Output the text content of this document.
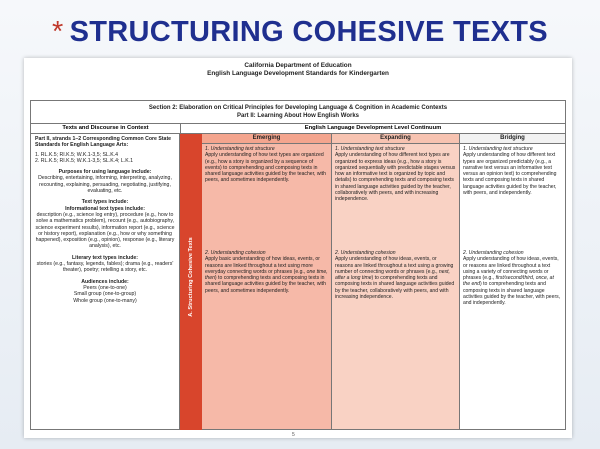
* STRUCTURING COHESIVE TEXTS
California Department of Education
English Language Development Standards for Kindergarten
Section 2: Elaboration on Critical Principles for Developing Language & Cognition in Academic Contexts
Part II: Learning About How English Works
Texts and Discourse in Context	English Language Development Level Continuum

Part II, strands 1–2 Corresponding Common Core State Standards for English Language Arts:

1. RL.K.5; RI.K.5; W.K.1-3,5; SL.K.4

2. RL.K.5; RI.K.5; W.K.1-3,5; SL.K.4; L.K.1

Purposes for using language include:

Describing, entertaining, informing, interpreting, analyzing, recounting, explaining, persuading, negotiating, justifying, evaluating, etc.

Text types include:

Informational text types include:

description (e.g., science log entry), procedure (e.g., how to solve a mathematics problem), recount (e.g., autobiography, science experiment results), information report (e.g., science or history report), explanation (e.g., how or why something happened), exposition (e.g., opinion), response (e.g., literary analysis), etc.

Literary text types include:

stories (e.g., fantasy, legends, fables); drama (e.g., readers' theater), poetry; retelling a story, etc.

Audiences include:

Peers (one-to-one)

Small group (one-to-group)

Whole group (one-to-many)	A. Structuring Cohesive Texts
Emerging

1. Understanding text structure

Apply understanding of how text types are organized (e.g., how a story is organized by a sequence of events) to comprehending and composing texts in shared language activities guided by the teacher, with peers, and sometimes independently.

2. Understanding cohesion

Apply basic understanding of how ideas, events, or reasons are linked throughout a text using more everyday connecting words or phrases (e.g., one time, then) to comprehending texts and composing texts in shared language activities guided by the teacher, with peers, and sometimes independently.

Expanding

1. Understanding text structure

Apply understanding of how different text types are organized to express ideas (e.g., how a story is organized sequentially with predictable stages versus how an informative text is organized by topic and details) to comprehending texts and composing texts in shared language activities guided by the teacher, collaboratively with peers, and with increasing independence.

2. Understanding cohesion

Apply understanding of how ideas, events, or reasons are linked throughout a text using a growing number of connecting words or phrases (e.g., next, after a long time) to comprehending texts and composing texts in shared language activities guided by the teacher, collaboratively with peers, and with increasing independence.

Bridging

1. Understanding text structure

Apply understanding of how different text types are organized predictably (e.g., a narrative text versus an informative text versus an opinion text) to comprehending texts and composing texts in shared language activities guided by the teacher, with peers, and independently.

2. Understanding cohesion

Apply understanding of how ideas, events, or reasons are linked throughout a text using a variety of connecting words or phrases (e.g., first/second/third, once, at the end) to comprehending texts and composing texts in shared language activities guided by the teacher, with peers, and independently.

5
